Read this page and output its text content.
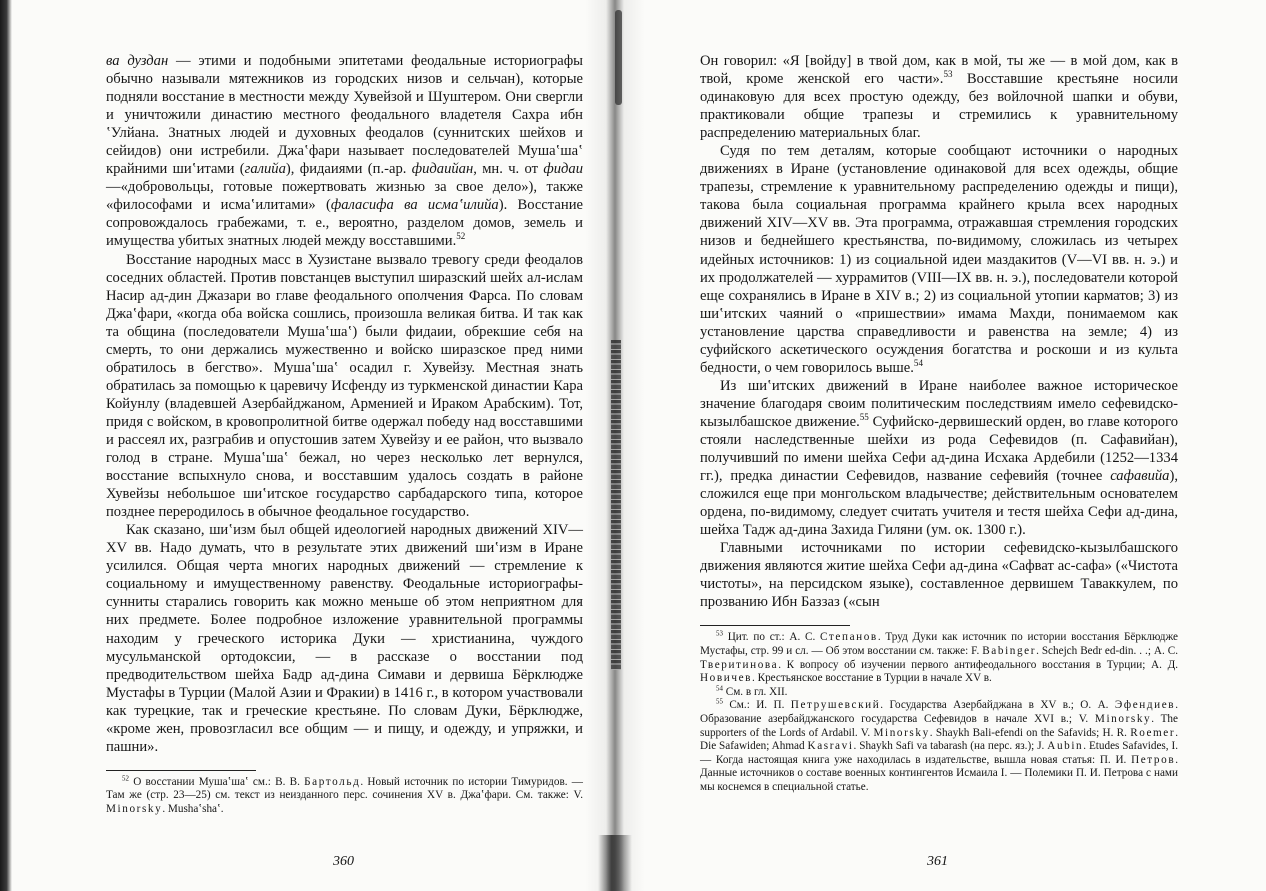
ва дуздан — этими и подобными эпитетами феодальные историографы обычно называли мятежников из городских низов и сельчан), которые подняли восстание в местности между Хувейзой и Шуштером. Они свергли и уничтожили династию местного феодального владетеля Сахра ибн ʽУлйана. Знатных людей и духовных феодалов (суннитских шейхов и сейидов) они истребили. Джаʽфари называет последователей Мушаʽшаʽ крайними шиʽитами (галийа), фидаиями (п.-ар. фидаийан, мн. ч. от фидаи —«добровольцы, готовые пожертвовать жизнью за свое дело»), также «философами и исмаʽилитами» (фаласифа ва исмаʽилийа). Восстание сопровождалось грабежами, т. е., вероятно, разделом домов, земель и имущества убитых знатных людей между восставшими.$^{52}$

Восстание народных масс в Хузистане вызвало тревогу среди феодалов соседних областей. Против повстанцев выступил ширазский шейх ал-ислам Насир ад-дин Джазари во главе феодального ополчения Фарса. По словам Джаʽфари, «когда оба войска сошлись, произошла великая битва. И так как та община (последователи Мушаʽшаʽ) были фидаии, обрекшие себя на смерть, то они держались мужественно и войско ширазское пред ними обратилось в бегство». Мушаʽшаʽ осадил г. Хувейзу. Местная знать обратилась за помощью к царевичу Исфенду из туркменской династии Кара Койунлу (владевшей Азербайджаном, Арменией и Ираком Арабским). Тот, придя с войском, в кровопролитной битве одержал победу над восставшими и рассеял их, разграбив и опустошив затем Хувейзу и ее район, что вызвало голод в стране. Мушаʽшаʽ бежал, но через несколько лет вернулся, восстание вспыхнуло снова, и восставшим удалось создать в районе Хувейзы небольшое шиʽитское государство сарбадарского типа, которое позднее переродилось в обычное феодальное государство.

Как сказано, шиʽизм был общей идеологией народных движений XIV—XV вв. Надо думать, что в результате этих движений шиʽизм в Иране усилился. Общая черта многих народных движений — стремление к социальному и имущественному равенству. Феодальные историографы-сунниты старались говорить как можно меньше об этом неприятном для них предмете. Более подробное изложение уравнительной программы находим у греческого историка Дуки — христианина, чуждого мусульманской ортодоксии, — в рассказе о восстании под предводительством шейха Бадр ад-дина Симави и дервиша Бёрклюдже Мустафы в Турции (Малой Азии и Фракии) в 1416 г., в котором участвовали как турецкие, так и греческие крестьяне. По словам Дуки, Бёрклюдже, «кроме жен, провозгласил все общим — и пищу, и одежду, и упряжки, и пашни».

$^{52}$ О восстании Мушаʽшаʽ см.: В. В. Бартольд. Новый источник по истории Тимуридов. — Там же (стр. 23—25) см. текст из неизданного перс. сочинения XV в. Джаʽфари. См. также: V. Minorsky. Mushaʽshaʽ.

360

Он говорил: «Я [войду] в твой дом, как в мой, ты же — в мой дом, как в твой, кроме женской его части».$^{53}$ Восставшие крестьяне носили одинаковую для всех простую одежду, без войлочной шапки и обуви, практиковали общие трапезы и стремились к уравнительному распределению материальных благ.

Судя по тем деталям, которые сообщают источники о народных движениях в Иране (установление одинаковой для всех одежды, общие трапезы, стремление к уравнительному распределению одежды и пищи), такова была социальная программа крайнего крыла всех народных движений XIV—XV вв. Эта программа, отражавшая стремления городских низов и беднейшего крестьянства, по-видимому, сложилась из четырех идейных источников: 1) из социальной идеи маздакитов (V—VI вв. н. э.) и их продолжателей — хуррамитов (VIII—IX вв. н. э.), последователи которой еще сохранялись в Иране в XIV в.; 2) из социальной утопии карматов; 3) из шиʽитских чаяний о «пришествии» имама Махди, понимаемом как установление царства справедливости и равенства на земле; 4) из суфийского аскетического осуждения богатства и роскоши и из культа бедности, о чем говорилось выше.$^{54}$

Из шиʽитских движений в Иране наиболее важное историческое значение благодаря своим политическим последствиям имело сефевидско-кызылбашское движение.$^{55}$ Суфийско-дервишеский орден, во главе которого стояли наследственные шейхи из рода Сефевидов (п. Сафавийан), получивший по имени шейха Сефи ад-дина Исхака Ардебили (1252—1334 гг.), предка династии Сефевидов, название сефевийя (точнее сафавийа), сложился еще при монгольском владычестве; действительным основателем ордена, по-видимому, следует считать учителя и тестя шейха Сефи ад-дина, шейха Тадж ад-дина Захида Гиляни (ум. ок. 1300 г.).

Главными источниками по истории сефевидско-кызылбашского движения являются житие шейха Сефи ад-дина «Сафват ас-сафа» («Чистота чистоты», на персидском языке), составленное дервишем Таваккулем, по прозванию Ибн Баззаз («сын

$^{53}$ Цит. по ст.: А. С. Степанов. Труд Дуки как источник по истории восстания Бёрклюдже Мустафы, стр. 99 и сл. — Об этом восстании см. также: F. Babinger. Schejch Bedr ed-din. . .; А. С. Твеpитинова. К вопросу об изучении первого антифеодального восстания в Турции; А. Д. Новичев. Крестьянское восстание в Турции в начале XV в.

$^{54}$ См. в гл. XII.

$^{55}$ См.: И. П. Петрушевский. Государства Азербайджана в XV в.; О. А. Эфендиев. Образование азербайджанского государства Сефевидов в начале XVI в.; V. Minorsky. The supporters of the Lords of Ardabil. V. Minorsky. Shaykh Bali-efendi on the Safavids; H. R. Roemer. Die Safawiden; Ahmad Kasravi. Shaykh Safi va tabarash (на перс. яз.); J. Aubin. Etudes Safavides, I. — Когда настоящая книга уже находилась в издательстве, вышла новая статья: П. И. Петров. Данные источников о составе военных контингентов Исмаила I. — Полемики П. И. Петрова с нами мы коснемся в специальной статье.

361
